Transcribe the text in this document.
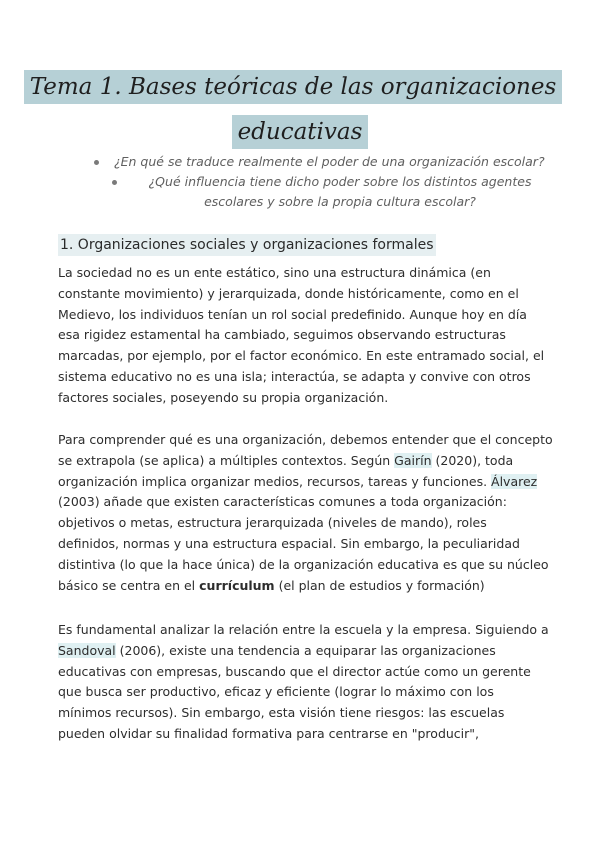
Tema 1. Bases teóricas de las organizaciones
educativas
¿En qué se traduce realmente el poder de una organización escolar?
¿Qué influencia tiene dicho poder sobre los distintos agentes escolares y sobre la propia cultura escolar?
1. Organizaciones sociales y organizaciones formales
La sociedad no es un ente estático, sino una estructura dinámica (en
constante movimiento) y jerarquizada, donde históricamente, como en el
Medievo, los individuos tenían un rol social predefinido. Aunque hoy en día
esa rigidez estamental ha cambiado, seguimos observando estructuras
marcadas, por ejemplo, por el factor económico. En este entramado social, el
sistema educativo no es una isla; interactúa, se adapta y convive con otros
factores sociales, poseyendo su propia organización.
Para comprender qué es una organización, debemos entender que el concepto
se extrapola (se aplica) a múltiples contextos. Según Gairín (2020), toda
organización implica organizar medios, recursos, tareas y funciones. Álvarez
(2003) añade que existen características comunes a toda organización:
objetivos o metas, estructura jerarquizada (niveles de mando), roles
definidos, normas y una estructura espacial. Sin embargo, la peculiaridad
distintiva (lo que la hace única) de la organización educativa es que su núcleo
básico se centra en el currículum (el plan de estudios y formación)
Es fundamental analizar la relación entre la escuela y la empresa. Siguiendo a
Sandoval (2006), existe una tendencia a equiparar las organizaciones
educativas con empresas, buscando que el director actúe como un gerente
que busca ser productivo, eficaz y eficiente (lograr lo máximo con los
mínimos recursos). Sin embargo, esta visión tiene riesgos: las escuelas
pueden olvidar su finalidad formativa para centrarse en "producir",
